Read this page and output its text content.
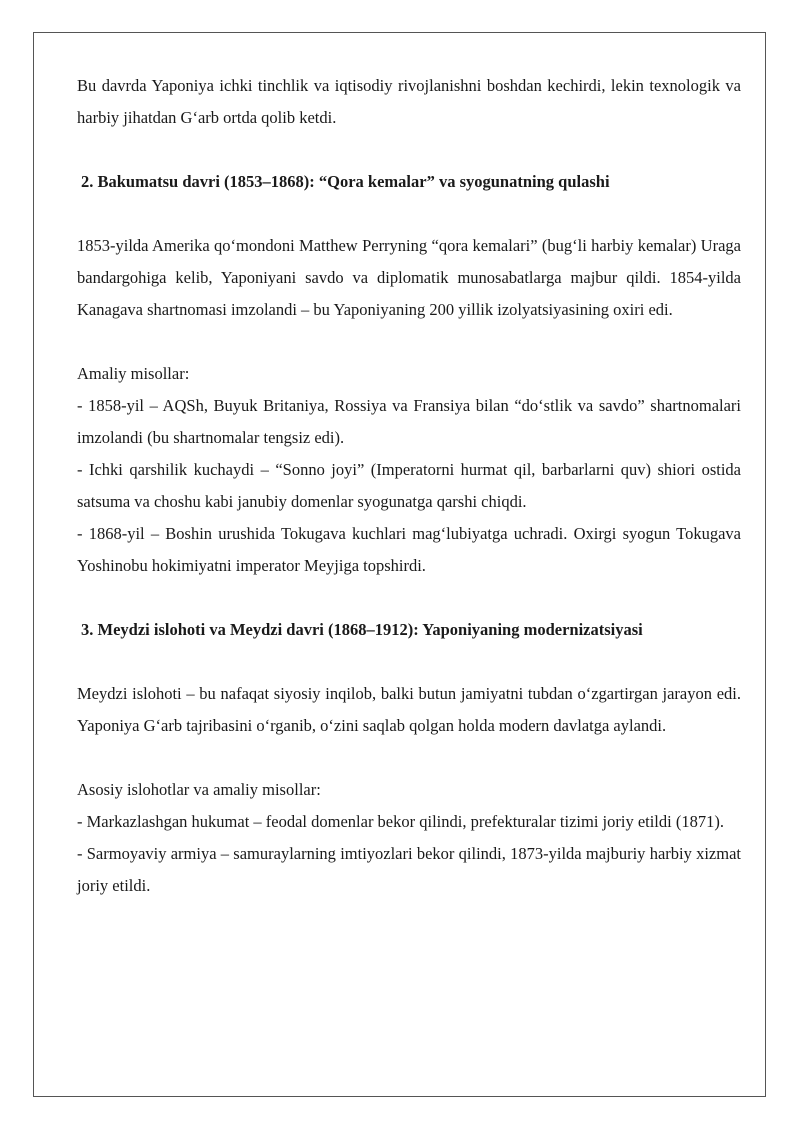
Bu davrda Yaponiya ichki tinchlik va iqtisodiy rivojlanishni boshdan kechirdi, lekin texnologik va harbiy jihatdan G‘arb ortda qolib ketdi.

2. Bakumatsu davri (1853–1868): “Qora kemalar” va syogunatning qulashi

1853-yilda Amerika qo‘mondoni Matthew Perryning “qora kemalari” (bug‘li harbiy kemalar) Uraga bandargohiga kelib, Yaponiyani savdo va diplomatik munosabatlarga majbur qildi. 1854-yilda Kanagava shartnomasi imzolandi – bu Yaponiyaning 200 yillik izolyatsiyasining oxiri edi.

Amaliy misollar:

- 1858-yil – AQSh, Buyuk Britaniya, Rossiya va Fransiya bilan “do‘stlik va savdo” shartnomalari imzolandi (bu shartnomalar tengsiz edi).

- Ichki qarshilik kuchaydi – “Sonno joyi” (Imperatorni hurmat qil, barbarlarni quv) shiori ostida satsuma va choshu kabi janubiy domenlar syogunatga qarshi chiqdi.

- 1868-yil – Boshin urushida Tokugava kuchlari mag‘lubiyatga uchradi. Oxirgi syogun Tokugava Yoshinobu hokimiyatni imperator Meyjiga topshirdi.

3. Meydzi islohoti va Meydzi davri (1868–1912): Yaponiyaning modernizatsiyasi

Meydzi islohoti – bu nafaqat siyosiy inqilob, balki butun jamiyatni tubdan o‘zgartirgan jarayon edi. Yaponiya G‘arb tajribasini o‘rganib, o‘zini saqlab qolgan holda modern davlatga aylandi.

Asosiy islohotlar va amaliy misollar:

- Markazlashgan hukumat – feodal domenlar bekor qilindi, prefekturalar tizimi joriy etildi (1871).

- Sarmoyaviy armiya – samuraylarning imtiyozlari bekor qilindi, 1873-yilda majburiy harbiy xizmat joriy etildi.
